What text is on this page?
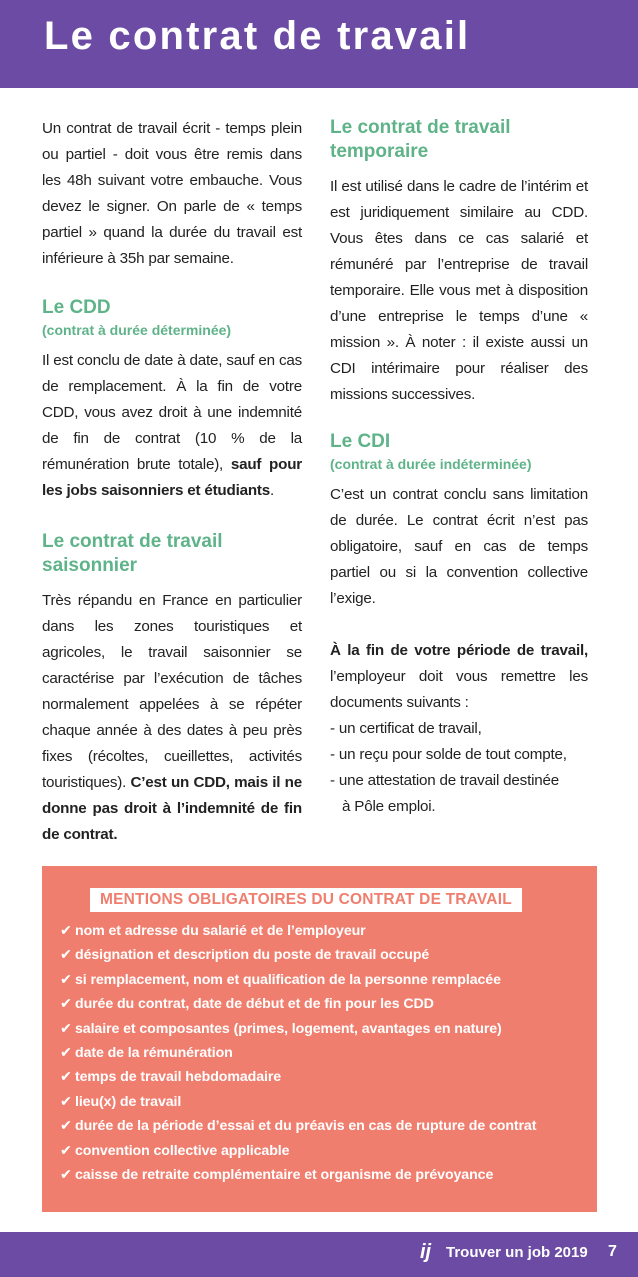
Le contrat de travail

Un contrat de travail écrit - temps plein ou partiel - doit vous être remis dans les 48h suivant votre embauche. Vous devez le signer. On parle de « temps partiel » quand la durée du travail est inférieure à 35h par semaine.

Le CDD

(contrat à durée déterminée)

Il est conclu de date à date, sauf en cas de remplacement. À la fin de votre CDD, vous avez droit à une indemnité de fin de contrat (10 % de la rémunération brute totale), sauf pour les jobs saisonniers et étudiants.

Le contrat de travail saisonnier

Très répandu en France en particulier dans les zones touristiques et agricoles, le travail saisonnier se caractérise par l’exécution de tâches normalement appelées à se répéter chaque année à des dates à peu près fixes (récoltes, cueillettes, activités touristiques). C’est un CDD, mais il ne donne pas droit à l’indemnité de fin de contrat.

Le contrat de travail temporaire

Il est utilisé dans le cadre de l’intérim et est juridiquement similaire au CDD. Vous êtes dans ce cas salarié et rémunéré par l’entreprise de travail temporaire. Elle vous met à disposition d’une entreprise le temps d’une « mission ». À noter : il existe aussi un CDI intérimaire pour réaliser des missions successives.

Le CDI

(contrat à durée indéterminée)

C’est un contrat conclu sans limitation de durée. Le contrat écrit n’est pas obligatoire, sauf en cas de temps partiel ou si la convention collective l’exige.

À la fin de votre période de travail, l’employeur doit vous remettre les documents suivants :

- un certificat de travail,
- un reçu pour solde de tout compte,
- une attestation de travail destinée
à Pôle emploi.
MENTIONS OBLIGATOIRES DU CONTRAT DE TRAVAIL
✔ nom et adresse du salarié et de l’employeur
✔ désignation et description du poste de travail occupé
✔ si remplacement, nom et qualification de la personne remplacée
✔ durée du contrat, date de début et de fin pour les CDD
✔ salaire et composantes (primes, logement, avantages en nature)
✔ date de la rémunération
✔ temps de travail hebdomadaire
✔ lieu(x) de travail
✔ durée de la période d’essai et du préavis en cas de rupture de contrat
✔ convention collective applicable
✔ caisse de retraite complémentaire et organisme de prévoyance
ij Trouver un job 2019 7
